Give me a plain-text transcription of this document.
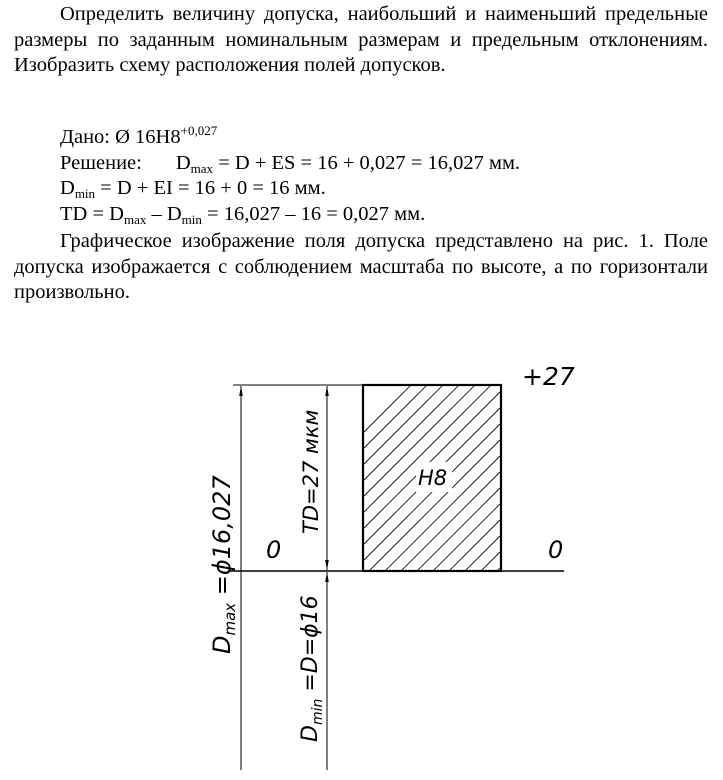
Определить величину допуска, наибольший и наименьший предельные размеры по заданным номинальным размерам и предельным отклонениям. Изобразить схему расположения полей допусков.

Дано: Ø $16H8^{+0,027}$

Решение: $D_{max} = D$ + ES = 16 + 0,027 = 16,027 мм.

$D_{min} = D$ + EI = 16 + 0 = 16 мм.

TD = $D_{max} - D_{min} = 16,027 - 16 = 0,027$ мм.

Графическое изображение поля допуска представлено на рис. 1. Поле допуска изображается с соблюдением масштаба по высоте, а по горизонтали произвольно.

+27
H8
0	0
TD=27 мкм
$D_{max} =\phi 16,027$
$D_{min} =D=\phi 16$
